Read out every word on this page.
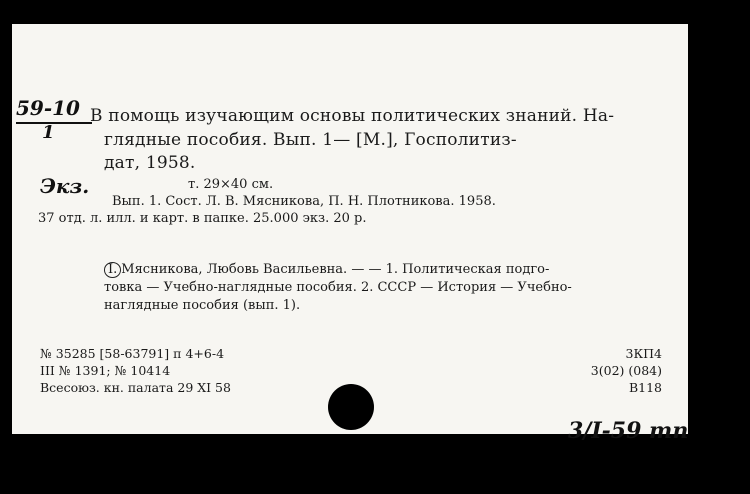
59-10
1
Экз.
В помощь изучающим основы политических знаний. На-
глядные пособия. Вып. 1— [М.], Госполитиз-
дат, 1958.
т. 29×40 см.
Вып. 1. Сост. Л. В. Мясникова, П. Н. Плотникова. 1958.
37 отд. л. илл. и карт. в папке. 25.000 экз. 20 р.
I. Мясникова, Любовь Васильевна. — — 1. Политическая подго-
товка — Учебно-наглядные пособия. 2. СССР — История — Учебно-
наглядные пособия (вып. 1).
№ 35285 [58-63791] п 4+6-4
III № 1391; № 10414
Всесоюз. кн. палата 29 XI 58
3КП4
3(02) (084)
В118
3/I-59 mn
